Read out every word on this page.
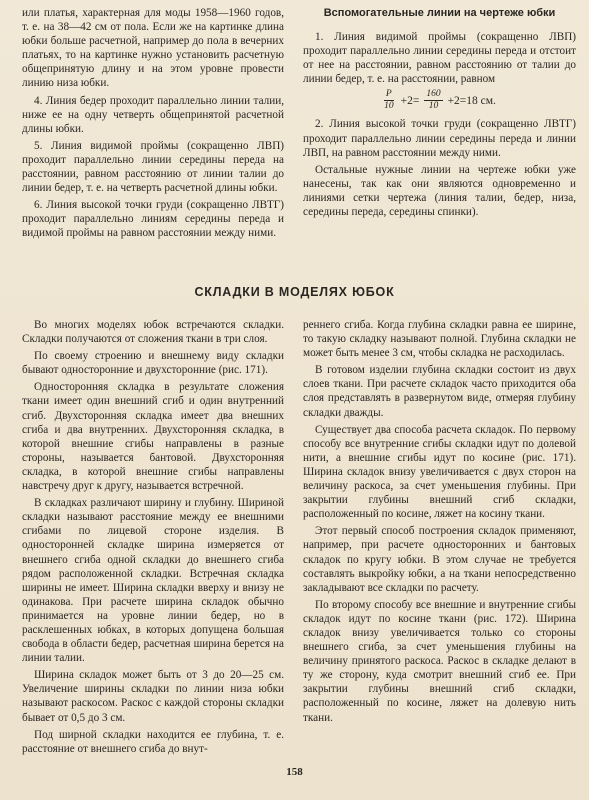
или платья, характерная для моды 1958—1960 годов, т. е. на 38—42 см от пола. Если же на картинке длина юбки больше расчетной, например до пола в вечерних платьях, то на картинке нужно установить расчетную общепринятую длину и на этом уровне провести линию низа юбки.

4. Линия бедер проходит параллельно линии талии, ниже ее на одну четверть общепринятой расчетной длины юбки.

5. Линия видимой проймы (сокращенно ЛВП) проходит параллельно линии середины переда на расстоянии, равном расстоянию от линии талии до линии бедер, т. е. на четверть расчетной длины юбки.

6. Линия высокой точки груди (сокращенно ЛВТГ) проходит параллельно линиям середины переда и видимой проймы на равном расстоянии между ними.

Вспомогательные линии на чертеже юбки

1. Линия видимой проймы (сокращенно ЛВП) проходит параллельно линии середины переда и отстоит от нее на расстоянии, равном расстоянию от талии до линии бедер, т. е. на расстоянии, равном

$\frac{P}{10} +2= \frac{160}{10} +2=18$ см.

2. Линия высокой точки груди (сокращенно ЛВТГ) проходит параллельно линии середины переда и линии ЛВП, на равном расстоянии между ними.

Остальные нужные линии на чертеже юбки уже нанесены, так как они являются одновременно и линиями сетки чертежа (линия талии, бедер, низа, середины переда, середины спинки).

СКЛАДКИ В МОДЕЛЯХ ЮБОК

Во многих моделях юбок встречаются складки. Складки получаются от сложения ткани в три слоя.

По своему строению и внешнему виду складки бывают односторонние и двухсторонние (рис. 171).

Односторонняя складка в результате сложения ткани имеет один внешний сгиб и один внутренний сгиб. Двухсторонняя складка имеет два внешних сгиба и два внутренних. Двухсторонняя складка, в которой внешние сгибы направлены в разные стороны, называется бантовой. Двухсторонняя складка, в которой внешние сгибы направлены навстречу друг к другу, называется встречной.

В складках различают ширину и глубину. Шириной складки называют расстояние между ее внешними сгибами по лицевой стороне изделия. В односторонней складке ширина измеряется от внешнего сгиба одной складки до внешнего сгиба рядом расположенной складки. Встречная складка ширины не имеет. Ширина складки вверху и внизу не одинакова. При расчете ширина складок обычно принимается на уровне линии бедер, но в расклешенных юбках, в которых допущена большая свобода в области бедер, расчетная ширина берется на линии талии.

Ширина складок может быть от 3 до 20—25 см. Увеличение ширины складки по линии низа юбки называют раскосом. Раскос с каждой стороны складки бывает от 0,5 до 3 см.

Под ширной складки находится ее глубина, т. е. расстояние от внешнего сгиба до внут-

реннего сгиба. Когда глубина складки равна ее ширине, то такую складку называют полной. Глубина складки не может быть менее 3 см, чтобы складка не расходилась.

В готовом изделии глубина складки состоит из двух слоев ткани. При расчете складок часто приходится оба слоя представлять в развернутом виде, отмеряя глубину складки дважды.

Существует два способа расчета складок. По первому способу все внутренние сгибы складки идут по долевой нити, а внешние сгибы идут по косине (рис. 171). Ширина складок внизу увеличивается с двух сторон на величину раскоса, за счет уменьшения глубины. При закрытии глубины внешний сгиб складки, расположенный по косине, ляжет на косину ткани.

Этот первый способ построения складок применяют, например, при расчете односторонних и бантовых складок по кругу юбки. В этом случае не требуется составлять выкройку юбки, а на ткани непосредственно закладывают все складки по расчету.

По второму способу все внешние и внутренние сгибы складок идут по косине ткани (рис. 172). Ширина складок внизу увеличивается только со стороны внешнего сгиба, за счет уменьшения глубины на величину принятого раскоса. Раскос в складке делают в ту же сторону, куда смотрит внешний сгиб ее. При закрытии глубины внешний сгиб складки, расположенный по косине, ляжет на долевую нить ткани.

158
